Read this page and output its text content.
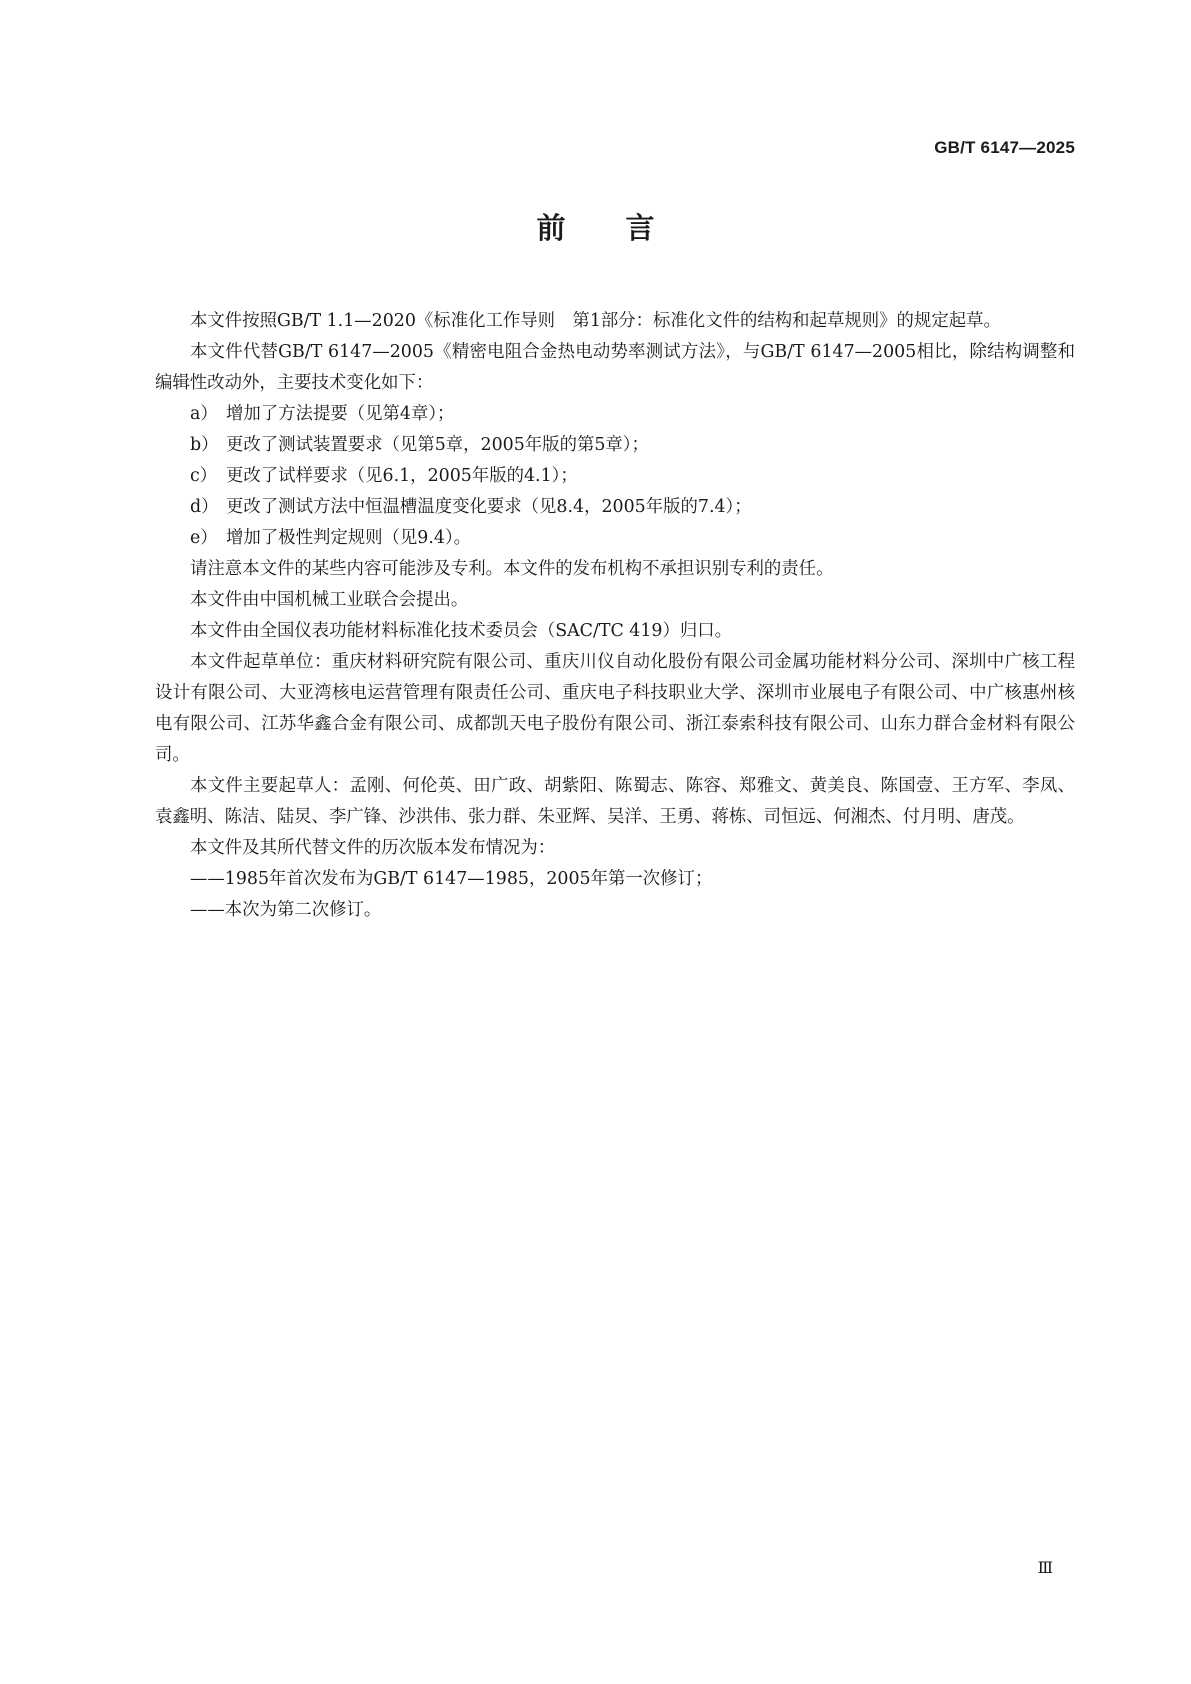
GB/T 6147—2025
前 言

本文件按照GB/T 1.1—2020《标准化工作导则　第1部分：标准化文件的结构和起草规则》的规定起草。

本文件代替GB/T 6147—2005《精密电阻合金热电动势率测试方法》，与GB/T 6147—2005相比，除结构调整和编辑性改动外，主要技术变化如下：

a） 增加了方法提要（见第4章）；

b） 更改了测试装置要求（见第5章，2005年版的第5章）；

c） 更改了试样要求（见6.1，2005年版的4.1）；

d） 更改了测试方法中恒温槽温度变化要求（见8.4，2005年版的7.4）；

e） 增加了极性判定规则（见9.4）。

请注意本文件的某些内容可能涉及专利。本文件的发布机构不承担识别专利的责任。

本文件由中国机械工业联合会提出。

本文件由全国仪表功能材料标准化技术委员会（SAC/TC 419）归口。

本文件起草单位：重庆材料研究院有限公司、重庆川仪自动化股份有限公司金属功能材料分公司、深圳中广核工程设计有限公司、大亚湾核电运营管理有限责任公司、重庆电子科技职业大学、深圳市业展电子有限公司、中广核惠州核电有限公司、江苏华鑫合金有限公司、成都凯天电子股份有限公司、浙江泰索科技有限公司、山东力群合金材料有限公司。

本文件主要起草人：孟刚、何伦英、田广政、胡紫阳、陈蜀志、陈容、郑雅文、黄美良、陈国壹、王方军、李凤、袁鑫明、陈洁、陆炅、李广锋、沙洪伟、张力群、朱亚辉、吴洋、王勇、蒋栋、司恒远、何湘杰、付月明、唐茂。

本文件及其所代替文件的历次版本发布情况为：

——1985年首次发布为GB/T 6147—1985，2005年第一次修订；

——本次为第二次修订。

Ⅲ
